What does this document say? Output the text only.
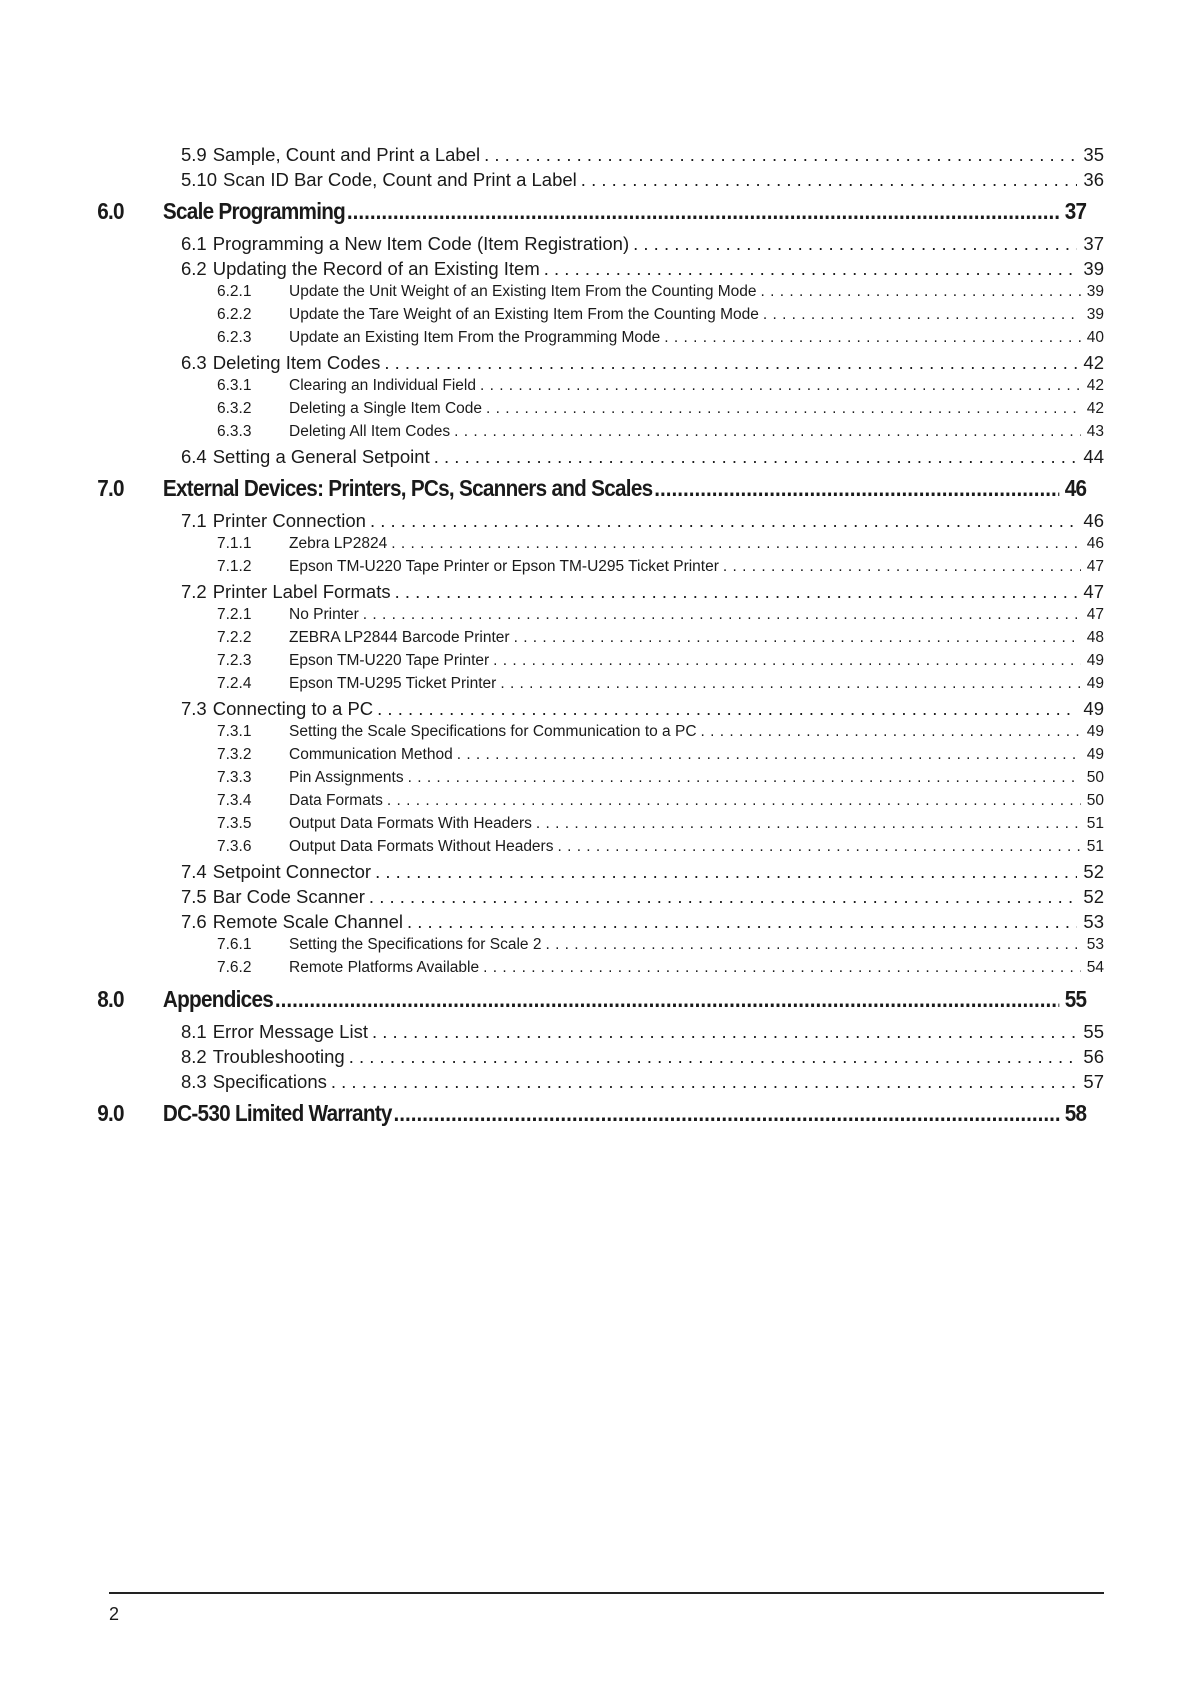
5.9 Sample, Count and Print a Label . . .	35
5.10 Scan ID Bar Code, Count and Print a Label . . .	36
6.0 Scale Programming .....	37
6.1 Programming a New Item Code (Item Registration) . . .	37
6.2 Updating the Record of an Existing Item . . .	39
6.2.1 Update the Unit Weight of an Existing Item From the Counting Mode . . .	39
6.2.2 Update the Tare Weight of an Existing Item From the Counting Mode . . .	39
6.2.3 Update an Existing Item From the Programming Mode . . .	40
6.3 Deleting Item Codes . . .	42
6.3.1 Clearing an Individual Field . . .	42
6.3.2 Deleting a Single Item Code . . .	42
6.3.3 Deleting All Item Codes . . .	43
6.4 Setting a General Setpoint . . .	44
7.0 External Devices: Printers, PCs, Scanners and Scales .....	46
7.1 Printer Connection . . .	46
7.1.1 Zebra LP2824 . . .	46
7.1.2 Epson TM-U220 Tape Printer or Epson TM-U295 Ticket Printer . . .	47
7.2 Printer Label Formats . . .	47
7.2.1 No Printer . . .	47
7.2.2 ZEBRA LP2844 Barcode Printer . . .	48
7.2.3 Epson TM-U220 Tape Printer . . .	49
7.2.4 Epson TM-U295 Ticket Printer . . .	49
7.3 Connecting to a PC . . .	49
7.3.1 Setting the Scale Specifications for Communication to a PC . . .	49
7.3.2 Communication Method . . .	49
7.3.3 Pin Assignments . . .	50
7.3.4 Data Formats . . .	50
7.3.5 Output Data Formats With Headers . . .	51
7.3.6 Output Data Formats Without Headers . . .	51
7.4 Setpoint Connector . . .	52
7.5 Bar Code Scanner . . .	52
7.6 Remote Scale Channel . . .	53
7.6.1 Setting the Specifications for Scale 2 . . .	53
7.6.2 Remote Platforms Available . . .	54
8.0 Appendices .....	55
8.1 Error Message List . . .	55
8.2 Troubleshooting . . .	56
8.3 Specifications . . .	57
9.0 DC-530 Limited Warranty .....	58
2
